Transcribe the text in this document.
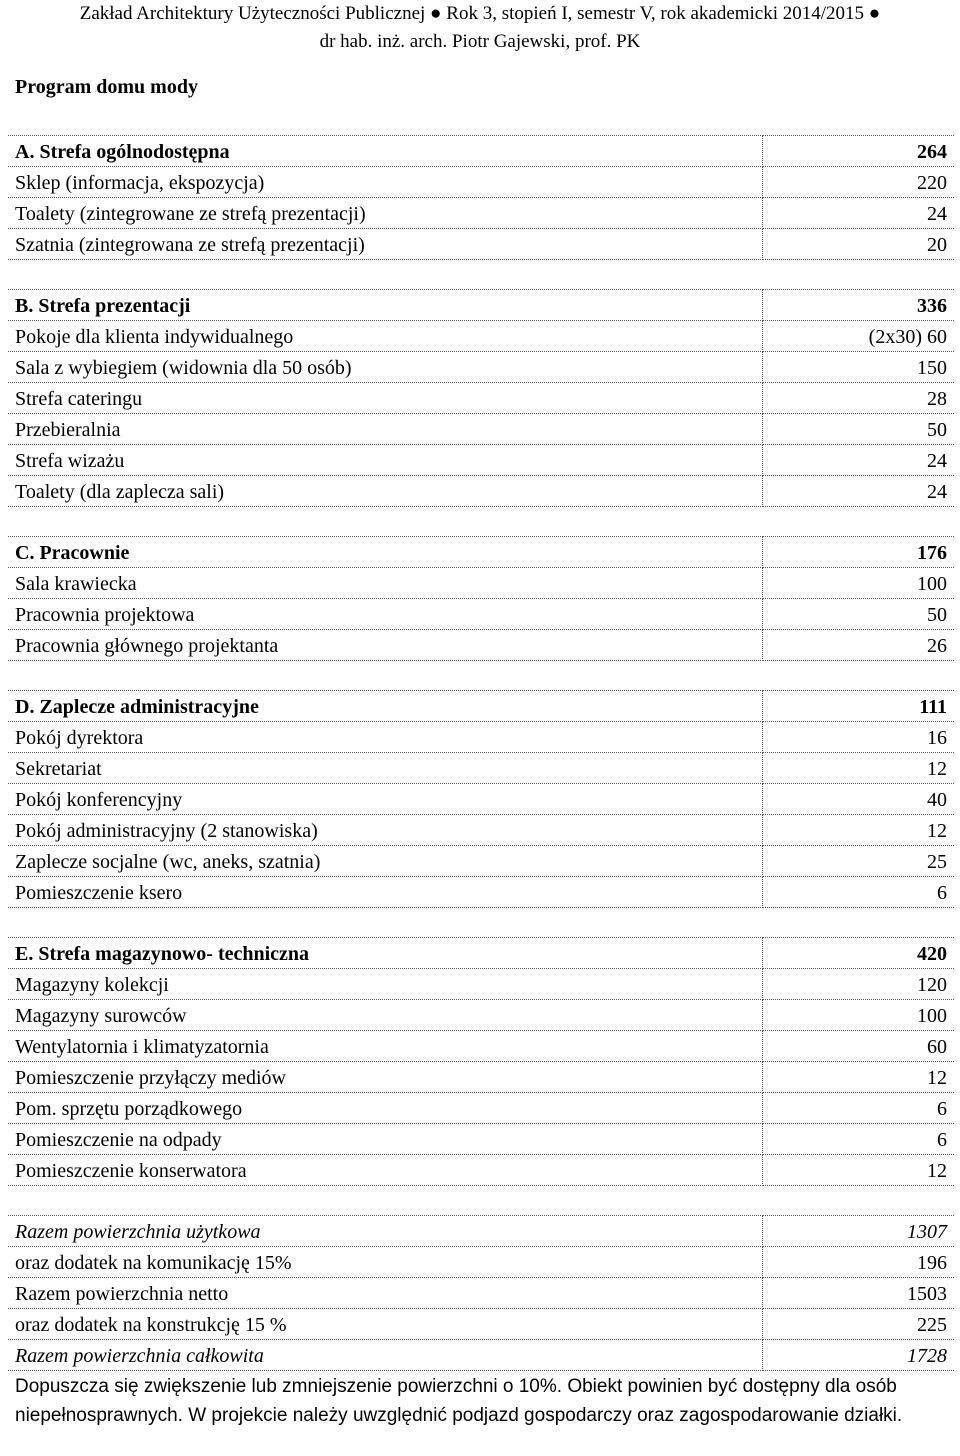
Zakład Architektury Użyteczności Publicznej ● Rok 3, stopień I, semestr V, rok akademicki 2014/2015 ●
dr hab. inż. arch. Piotr Gajewski, prof. PK
Program domu mody
A. Strefa ogólnodostępna	264
Sklep (informacja, ekspozycja)	220
Toalety (zintegrowane ze strefą prezentacji)	24
Szatnia (zintegrowana ze strefą prezentacji)	20

B. Strefa prezentacji	336
Pokoje dla klienta indywidualnego	(2x30) 60
Sala z wybiegiem (widownia dla 50 osób)	150
Strefa cateringu	28
Przebieralnia	50
Strefa wizażu	24
Toalety (dla zaplecza sali)	24

C. Pracownie	176
Sala krawiecka	100
Pracownia projektowa	50
Pracownia głównego projektanta	26

D. Zaplecze administracyjne	111
Pokój dyrektora	16
Sekretariat	12
Pokój konferencyjny	40
Pokój administracyjny (2 stanowiska)	12
Zaplecze socjalne (wc, aneks, szatnia)	25
Pomieszczenie ksero	6

E. Strefa magazynowo- techniczna	420
Magazyny kolekcji	120
Magazyny surowców	100
Wentylatornia i klimatyzatornia	60
Pomieszczenie przyłączy mediów	12
Pom. sprzętu porządkowego	6
Pomieszczenie na odpady	6
Pomieszczenie konserwatora	12

Razem powierzchnia użytkowa	1307
oraz dodatek na komunikację 15%	196
Razem powierzchnia netto	1503
oraz dodatek na konstrukcję 15 %	225
Razem powierzchnia całkowita	1728
Dopuszcza się zwiększenie lub zmniejszenie powierzchni o 10%. Obiekt powinien być dostępny dla osób niepełnosprawnych. W projekcie należy uwzględnić podjazd gospodarczy oraz zagospodarowanie działki.
